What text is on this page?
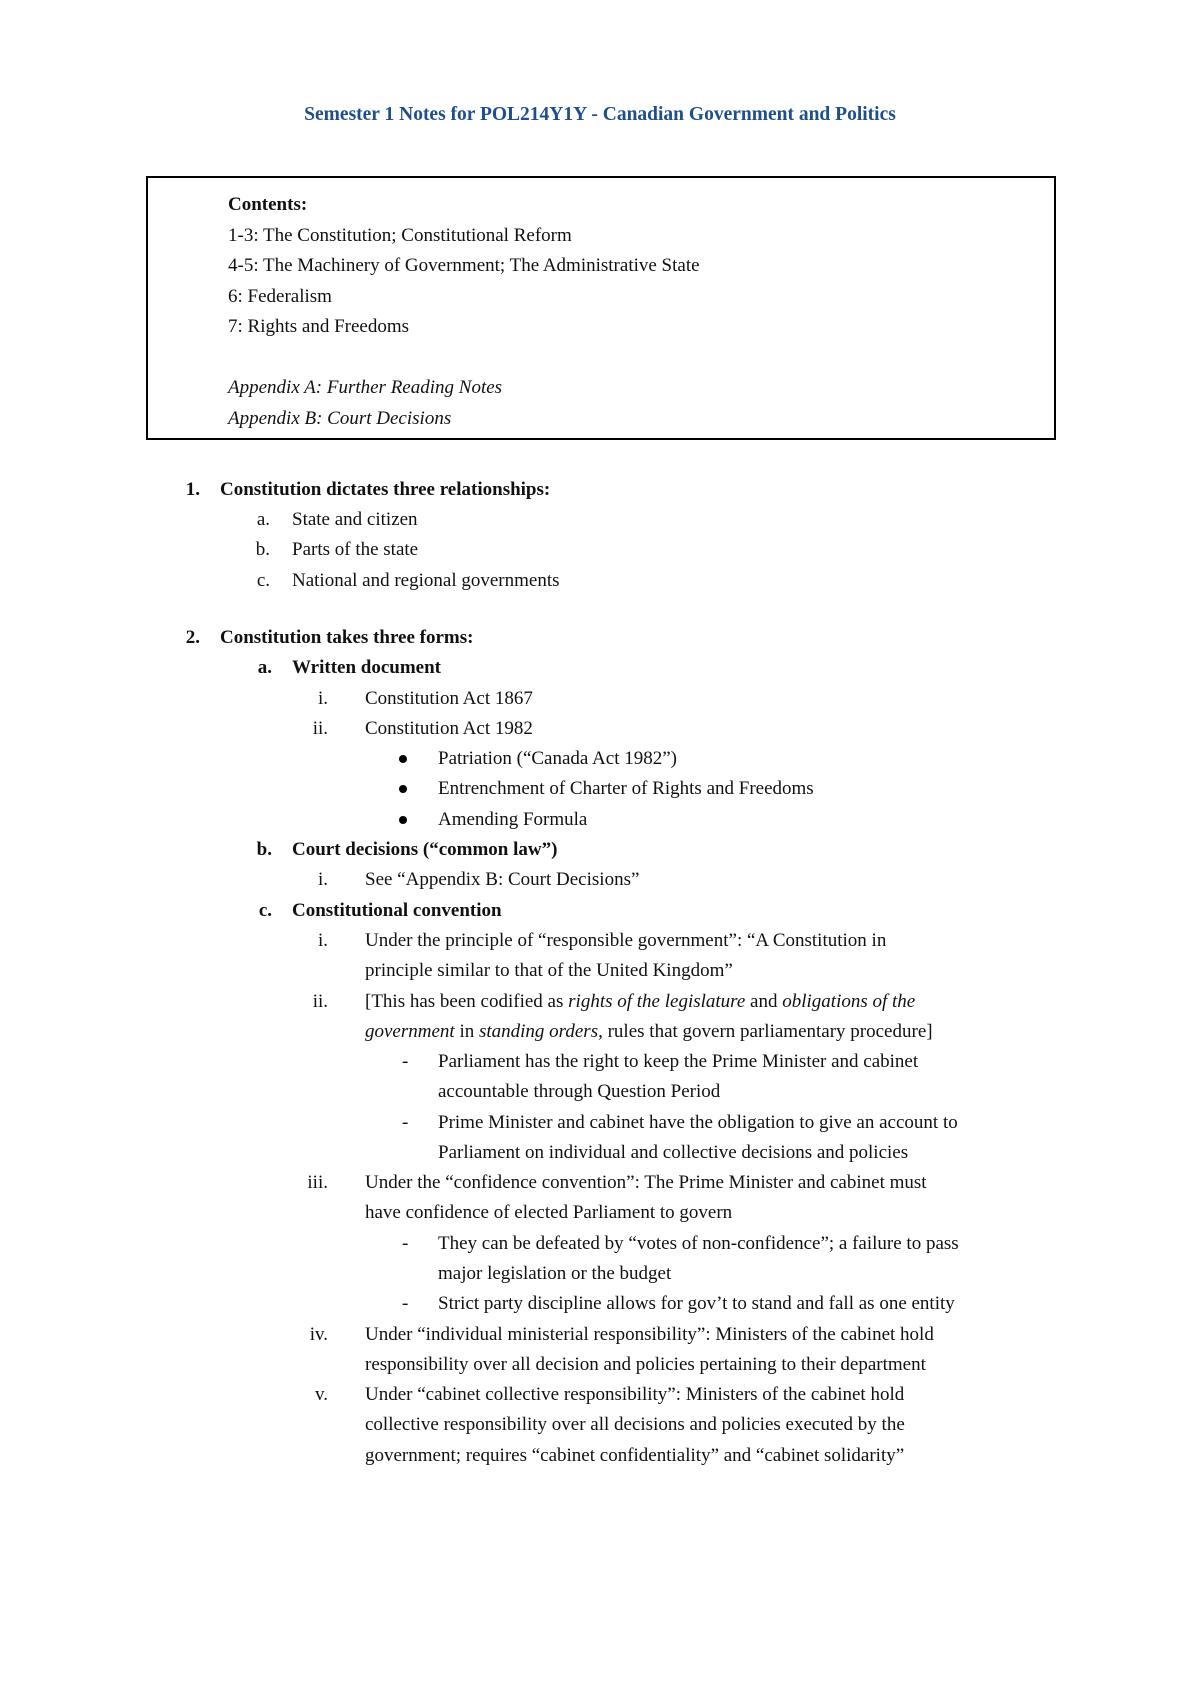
Semester 1 Notes for POL214Y1Y - Canadian Government and Politics
Contents:
1-3: The Constitution; Constitutional Reform
4-5: The Machinery of Government; The Administrative State
6: Federalism
7: Rights and Freedoms
Appendix A: Further Reading Notes
Appendix B: Court Decisions
1. Constitution dictates three relationships:
a. State and citizen
b. Parts of the state
c. National and regional governments
2. Constitution takes three forms:
a. Written document
i. Constitution Act 1867
ii. Constitution Act 1982
Patriation (“Canada Act 1982”)
Entrenchment of Charter of Rights and Freedoms
Amending Formula
b. Court decisions (“common law”)
i. See “Appendix B: Court Decisions”
c. Constitutional convention
i. Under the principle of “responsible government”: “A Constitution in
principle similar to that of the United Kingdom”
ii. [This has been codified as rights of the legislature and obligations of the
government in standing orders, rules that govern parliamentary procedure]
- Parliament has the right to keep the Prime Minister and cabinet
accountable through Question Period
- Prime Minister and cabinet have the obligation to give an account to
Parliament on individual and collective decisions and policies
iii. Under the “confidence convention”: The Prime Minister and cabinet must
have confidence of elected Parliament to govern
- They can be defeated by “votes of non-confidence”; a failure to pass
major legislation or the budget
- Strict party discipline allows for gov’t to stand and fall as one entity
iv. Under “individual ministerial responsibility”: Ministers of the cabinet hold
responsibility over all decision and policies pertaining to their department
v. Under “cabinet collective responsibility”: Ministers of the cabinet hold
collective responsibility over all decisions and policies executed by the
government; requires “cabinet confidentiality” and “cabinet solidarity”
